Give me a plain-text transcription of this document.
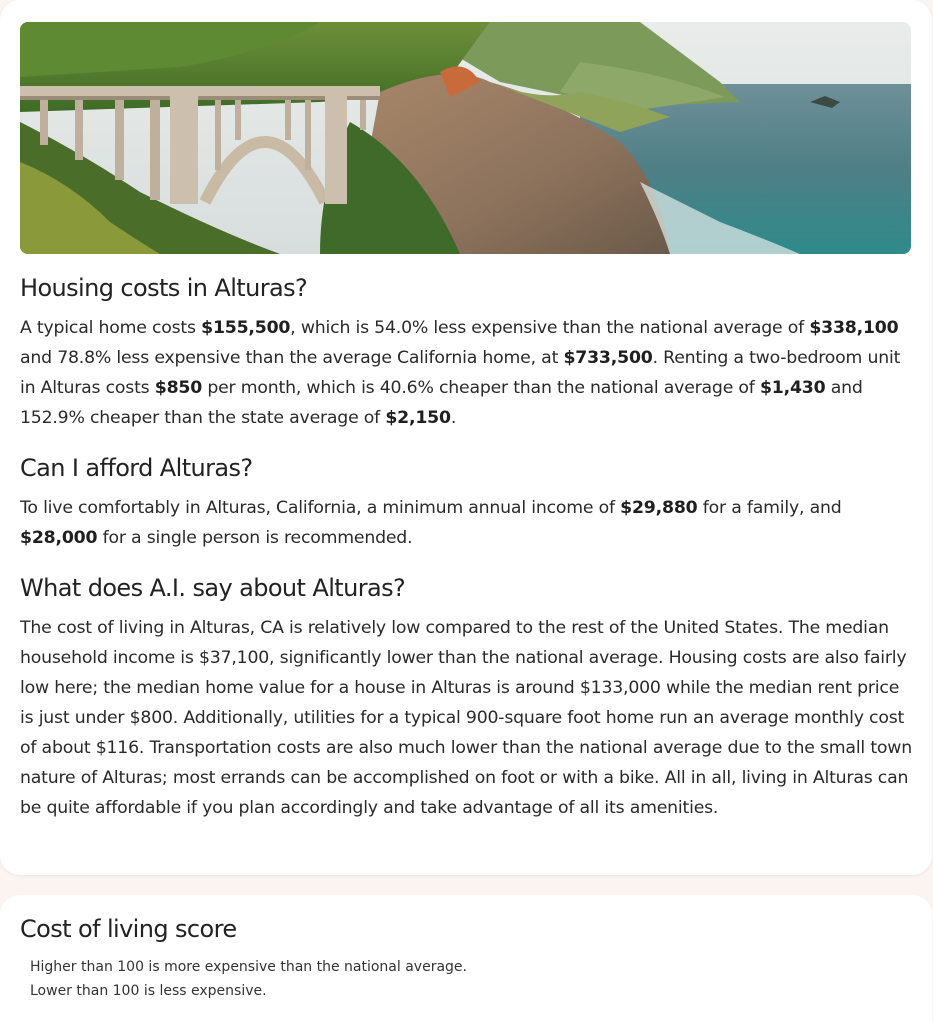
Housing costs in Alturas?

A typical home costs $155,500, which is 54.0% less expensive than the national average of $338,100 and 78.8% less expensive than the average California home, at $733,500. Renting a two-bedroom unit in Alturas costs $850 per month, which is 40.6% cheaper than the national average of $1,430 and 152.9% cheaper than the state average of $2,150.

Can I afford Alturas?

To live comfortably in Alturas, California, a minimum annual income of $29,880 for a family, and $28,000 for a single person is recommended.

What does A.I. say about Alturas?

The cost of living in Alturas, CA is relatively low compared to the rest of the United States. The median household income is $37,100, significantly lower than the national average. Housing costs are also fairly low here; the median home value for a house in Alturas is around $133,000 while the median rent price is just under $800. Additionally, utilities for a typical 900-square foot home run an average monthly cost of about $116. Transportation costs are also much lower than the national average due to the small town nature of Alturas; most errands can be accomplished on foot or with a bike. All in all, living in Alturas can be quite affordable if you plan accordingly and take advantage of all its amenities.

Cost of living score

Higher than 100 is more expensive than the national average.

Lower than 100 is less expensive.
